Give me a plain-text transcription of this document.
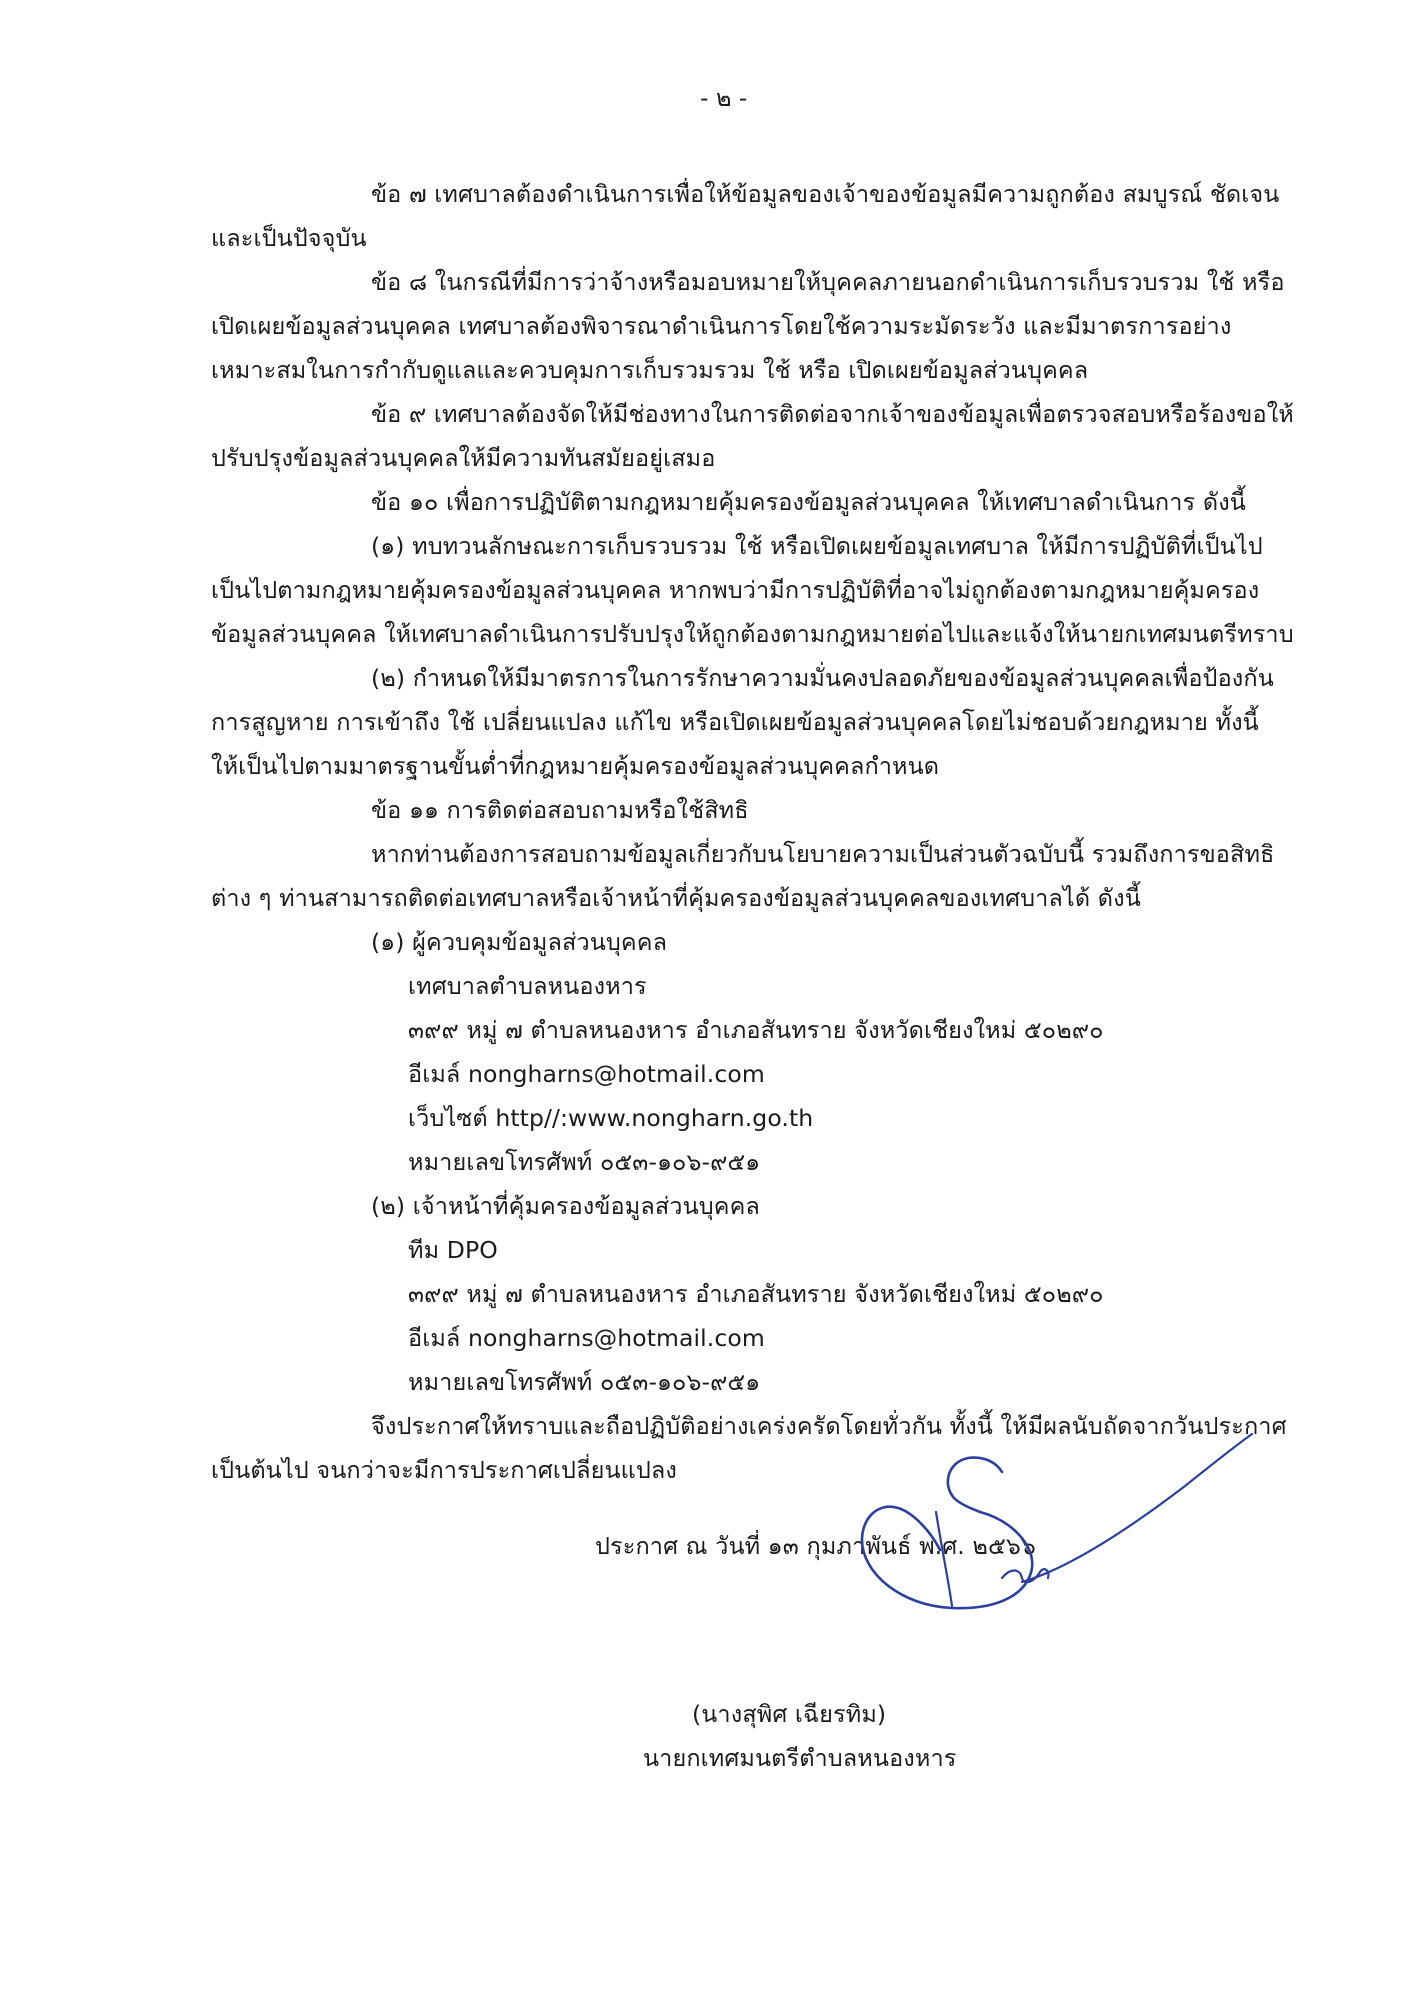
- ๒ -
ข้อ ๗ เทศบาลต้องดำเนินการเพื่อให้ข้อมูลของเจ้าของข้อมูลมีความถูกต้อง สมบูรณ์ ชัดเจน
และเป็นปัจจุบัน
ข้อ ๘ ในกรณีที่มีการว่าจ้างหรือมอบหมายให้บุคคลภายนอกดำเนินการเก็บรวบรวม ใช้ หรือ
เปิดเผยข้อมูลส่วนบุคคล เทศบาลต้องพิจารณาดำเนินการโดยใช้ความระมัดระวัง และมีมาตรการอย่าง
เหมาะสมในการกำกับดูแลและควบคุมการเก็บรวมรวม ใช้ หรือ เปิดเผยข้อมูลส่วนบุคคล
ข้อ ๙ เทศบาลต้องจัดให้มีช่องทางในการติดต่อจากเจ้าของข้อมูลเพื่อตรวจสอบหรือร้องขอให้
ปรับปรุงข้อมูลส่วนบุคคลให้มีความทันสมัยอยู่เสมอ
ข้อ ๑๐ เพื่อการปฏิบัติตามกฎหมายคุ้มครองข้อมูลส่วนบุคคล ให้เทศบาลดำเนินการ ดังนี้
(๑) ทบทวนลักษณะการเก็บรวบรวม ใช้ หรือเปิดเผยข้อมูลเทศบาล ให้มีการปฏิบัติที่เป็นไป
เป็นไปตามกฎหมายคุ้มครองข้อมูลส่วนบุคคล หากพบว่ามีการปฏิบัติที่อาจไม่ถูกต้องตามกฎหมายคุ้มครอง
ข้อมูลส่วนบุคคล ให้เทศบาลดำเนินการปรับปรุงให้ถูกต้องตามกฎหมายต่อไปและแจ้งให้นายกเทศมนตรีทราบ
(๒) กำหนดให้มีมาตรการในการรักษาความมั่นคงปลอดภัยของข้อมูลส่วนบุคคลเพื่อป้องกัน
การสูญหาย การเข้าถึง ใช้ เปลี่ยนแปลง แก้ไข หรือเปิดเผยข้อมูลส่วนบุคคลโดยไม่ชอบด้วยกฎหมาย ทั้งนี้
ให้เป็นไปตามมาตรฐานขั้นต่ำที่กฎหมายคุ้มครองข้อมูลส่วนบุคคลกำหนด
ข้อ ๑๑ การติดต่อสอบถามหรือใช้สิทธิ
หากท่านต้องการสอบถามข้อมูลเกี่ยวกับนโยบายความเป็นส่วนตัวฉบับนี้ รวมถึงการขอสิทธิ
ต่าง ๆ ท่านสามารถติดต่อเทศบาลหรือเจ้าหน้าที่คุ้มครองข้อมูลส่วนบุคคลของเทศบาลได้ ดังนี้
(๑) ผู้ควบคุมข้อมูลส่วนบุคคล
เทศบาลตำบลหนองหาร
๓๙๙ หมู่ ๗ ตำบลหนองหาร อำเภอสันทราย จังหวัดเชียงใหม่ ๕๐๒๙๐
อีเมล์ nongharns@hotmail.com
เว็บไซต์ http//:www.nongharn.go.th
หมายเลขโทรศัพท์ ๐๕๓-๑๐๖-๙๕๑
(๒) เจ้าหน้าที่คุ้มครองข้อมูลส่วนบุคคล
ทีม DPO
๓๙๙ หมู่ ๗ ตำบลหนองหาร อำเภอสันทราย จังหวัดเชียงใหม่ ๕๐๒๙๐
อีเมล์ nongharns@hotmail.com
หมายเลขโทรศัพท์ ๐๕๓-๑๐๖-๙๕๑
จึงประกาศให้ทราบและถือปฏิบัติอย่างเคร่งครัดโดยทั่วกัน ทั้งนี้ ให้มีผลนับถัดจากวันประกาศ
เป็นต้นไป จนกว่าจะมีการประกาศเปลี่ยนแปลง
ประกาศ ณ วันที่ ๑๓ กุมภาพันธ์ พ.ศ. ๒๕๖๖
(นางสุพิศ เฉียรทิม)
นายกเทศมนตรีตำบลหนองหาร
